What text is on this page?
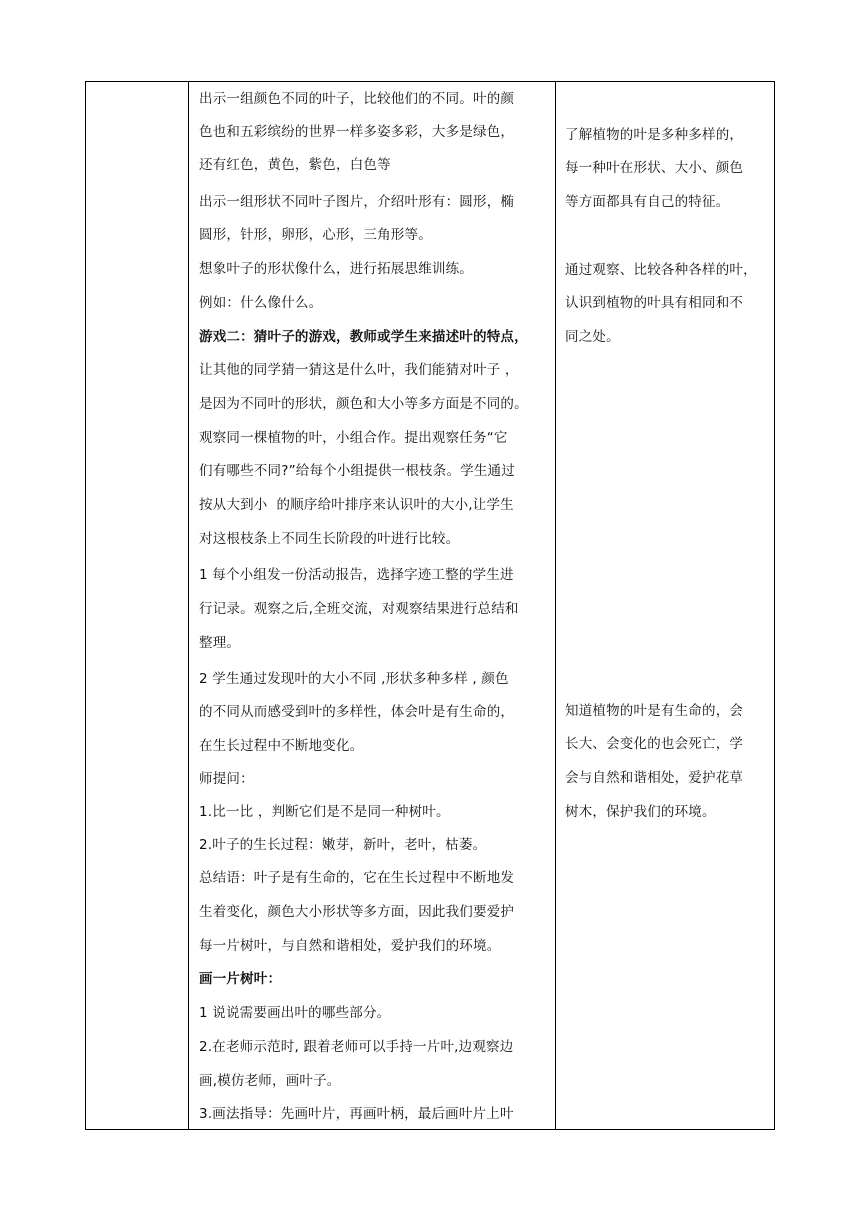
出示一组颜色不同的叶子，比较他们的不同。叶的颜
色也和五彩缤纷的世界一样多姿多彩，大多是绿色，
还有红色，黄色，紫色，白色等
出示一组形状不同叶子图片，介绍叶形有：圆形，椭
圆形，针形，卵形，心形，三角形等。
想象叶子的形状像什么，进行拓展思维训练。
例如：什么像什么。
游戏二：猜叶子的游戏，教师或学生来描述叶的特点，
让其他的同学猜一猜这是什么叶，我们能猜对叶子 ，
是因为不同叶的形状，颜色和大小等多方面是不同的。
观察同一棵植物的叶，小组合作。提出观察任务“它
们有哪些不同?”给每个小组提供一根枝条。学生通过
按从大到小  的顺序给叶排序来认识叶的大小,让学生
对这根枝条上不同生长阶段的叶进行比较。
1 每个小组发一份活动报告，选择字迹工整的学生进
行记录。观察之后,全班交流，对观察结果进行总结和
整理。
2 学生通过发现叶的大小不同 ,形状多种多样 , 颜色
的不同从而感受到叶的多样性，体会叶是有生命的，
在生长过程中不断地变化。
师提问：
1.比一比 ，判断它们是不是同一种树叶。
2.叶子的生长过程：嫩芽，新叶，老叶，枯萎。
总结语：叶子是有生命的，它在生长过程中不断地发
生着变化，颜色大小形状等多方面，因此我们要爱护
每一片树叶，与自然和谐相处，爱护我们的环境。
画一片树叶：
1 说说需要画出叶的哪些部分。
2.在老师示范时, 跟着老师可以手持一片叶,边观察边
画,模仿老师，画叶子。
3.画法指导：先画叶片，再画叶柄，最后画叶片上叶
了解植物的叶是多种多样的，
每一种叶在形状、大小、颜色
等方面都具有自己的特征。
通过观察、比较各种各样的叶，
认识到植物的叶具有相同和不
同之处。
知道植物的叶是有生命的，会
长大、会变化的也会死亡，学
会与自然和谐相处，爱护花草
树木，保护我们的环境。
